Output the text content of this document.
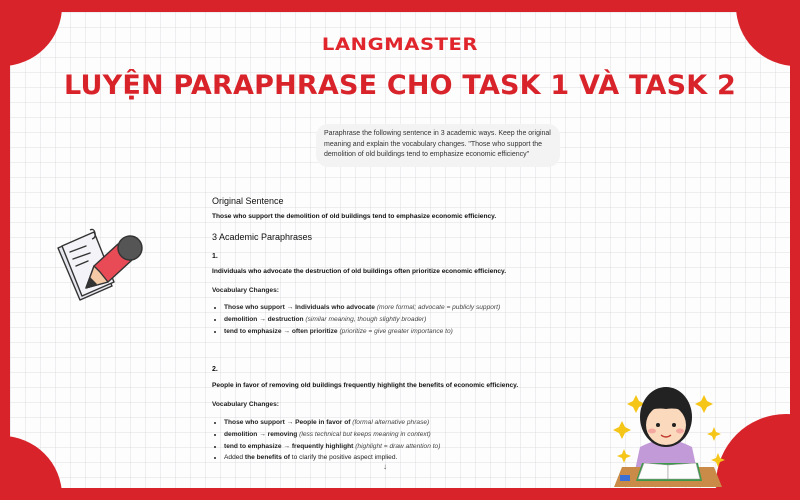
LANGMASTER
LUYỆN PARAPHRASE CHO TASK 1 VÀ TASK 2
Paraphrase the following sentence in 3 academic ways. Keep the original meaning and explain the vocabulary changes. "Those who support the demolition of old buildings tend to emphasize economic efficiency"
Original Sentence
Those who support the demolition of old buildings tend to emphasize economic efficiency.
3 Academic Paraphrases
1.
Individuals who advocate the destruction of old buildings often prioritize economic efficiency.
Vocabulary Changes:
• Those who support → Individuals who advocate (more formal; advocate = publicly support)
• demolition → destruction (similar meaning, though slightly broader)
• tend to emphasize → often prioritize (prioritize = give greater importance to)
2.
People in favor of removing old buildings frequently highlight the benefits of economic efficiency.
Vocabulary Changes:
• Those who support → People in favor of (formal alternative phrase)
• demolition → removing (less technical but keeps meaning in context)
• tend to emphasize → frequently highlight (highlight = draw attention to)
• Added the benefits of to clarify the positive aspect implied.
↓
